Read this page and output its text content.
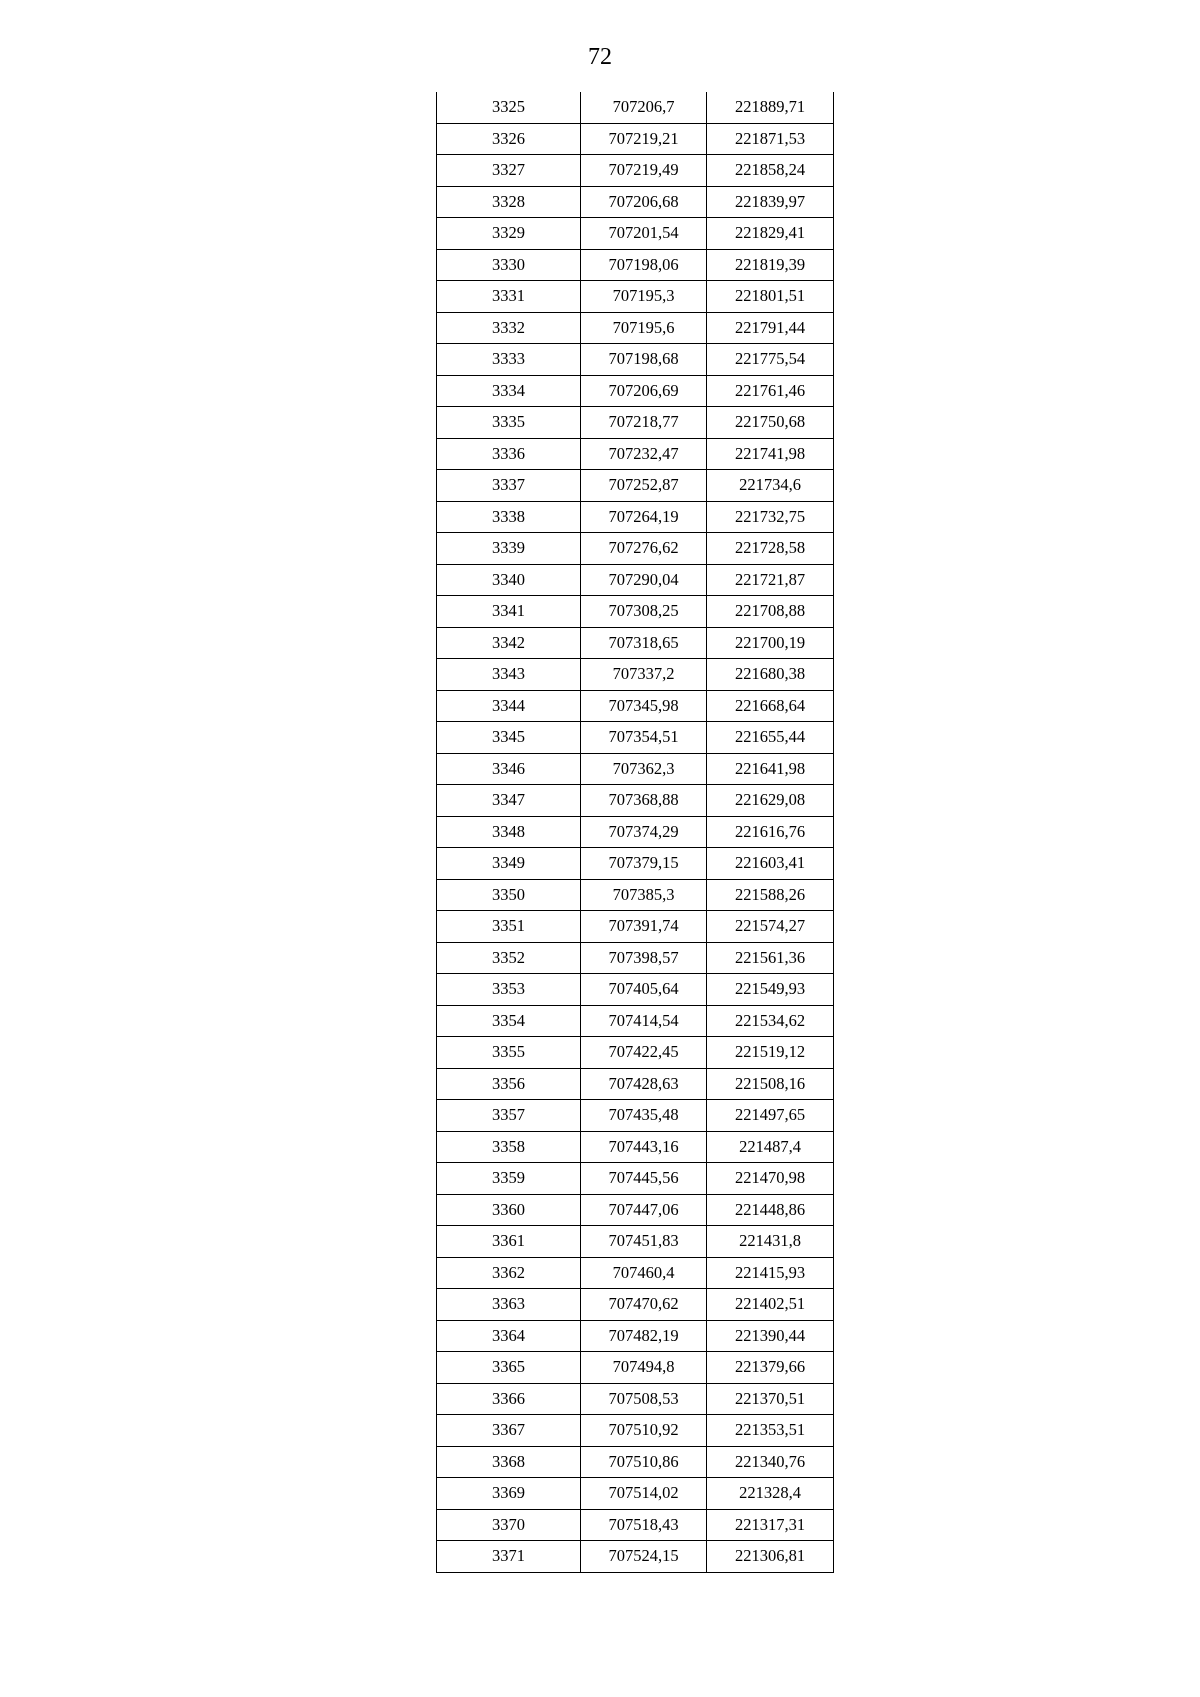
72
3325	707206,7	221889,71
3326	707219,21	221871,53
3327	707219,49	221858,24
3328	707206,68	221839,97
3329	707201,54	221829,41
3330	707198,06	221819,39
3331	707195,3	221801,51
3332	707195,6	221791,44
3333	707198,68	221775,54
3334	707206,69	221761,46
3335	707218,77	221750,68
3336	707232,47	221741,98
3337	707252,87	221734,6
3338	707264,19	221732,75
3339	707276,62	221728,58
3340	707290,04	221721,87
3341	707308,25	221708,88
3342	707318,65	221700,19
3343	707337,2	221680,38
3344	707345,98	221668,64
3345	707354,51	221655,44
3346	707362,3	221641,98
3347	707368,88	221629,08
3348	707374,29	221616,76
3349	707379,15	221603,41
3350	707385,3	221588,26
3351	707391,74	221574,27
3352	707398,57	221561,36
3353	707405,64	221549,93
3354	707414,54	221534,62
3355	707422,45	221519,12
3356	707428,63	221508,16
3357	707435,48	221497,65
3358	707443,16	221487,4
3359	707445,56	221470,98
3360	707447,06	221448,86
3361	707451,83	221431,8
3362	707460,4	221415,93
3363	707470,62	221402,51
3364	707482,19	221390,44
3365	707494,8	221379,66
3366	707508,53	221370,51
3367	707510,92	221353,51
3368	707510,86	221340,76
3369	707514,02	221328,4
3370	707518,43	221317,31
3371	707524,15	221306,81
